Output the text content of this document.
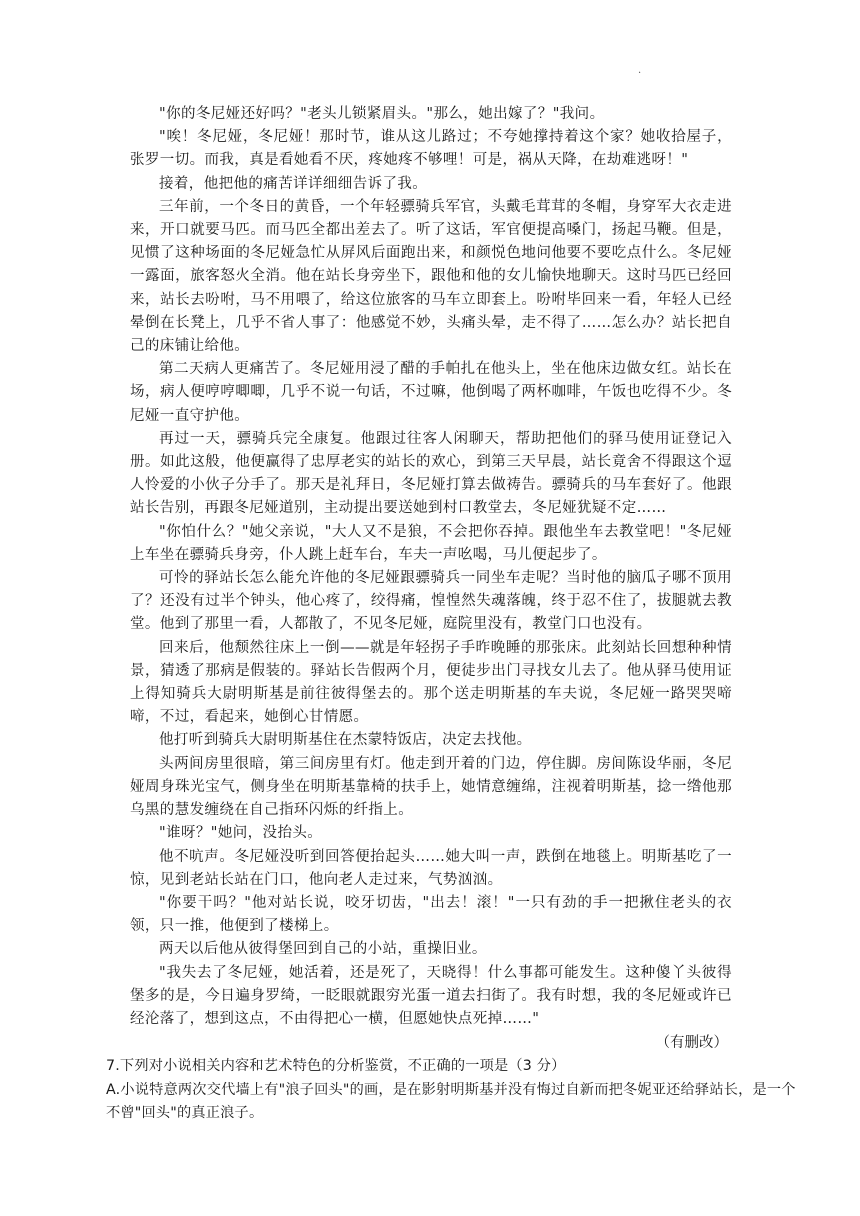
.

"你的冬尼娅还好吗？"老头儿锁紧眉头。"那么，她出嫁了？"我问。

"唉！冬尼娅，冬尼娅！那时节，谁从这儿路过；不夸她撑持着这个家？她收拾屋子，张罗一切。而我，真是看她看不厌，疼她疼不够哩！可是，祸从天降，在劫难逃呀！"

接着，他把他的痛苦详详细细告诉了我。

三年前，一个冬日的黄昏，一个年轻骠骑兵军官，头戴毛茸茸的冬帽，身穿军大衣走进来，开口就要马匹。而马匹全都出差去了。听了这话，军官便提高嗓门，扬起马鞭。但是，见惯了这种场面的冬尼娅急忙从屏风后面跑出来，和颜悦色地问他要不要吃点什么。冬尼娅一露面，旅客怒火全消。他在站长身旁坐下，跟他和他的女儿愉快地聊天。这时马匹已经回来，站长去吩咐，马不用喂了，给这位旅客的马车立即套上。吩咐毕回来一看，年轻人已经晕倒在长凳上，几乎不省人事了：他感觉不妙，头痛头晕，走不得了……怎么办？站长把自己的床铺让给他。

第二天病人更痛苦了。冬尼娅用浸了醋的手帕扎在他头上，坐在他床边做女红。站长在场，病人便哼哼唧唧，几乎不说一句话，不过嘛，他倒喝了两杯咖啡，午饭也吃得不少。冬尼娅一直守护他。

再过一天，骠骑兵完全康复。他跟过往客人闲聊天，帮助把他们的驿马使用证登记入册。如此这般，他便赢得了忠厚老实的站长的欢心，到第三天早晨，站长竟舍不得跟这个逗人怜爱的小伙子分手了。那天是礼拜日，冬尼娅打算去做祷告。骠骑兵的马车套好了。他跟站长告别，再跟冬尼娅道别，主动提出要送她到村口教堂去，冬尼娅犹疑不定……

"你怕什么？"她父亲说，"大人又不是狼，不会把你吞掉。跟他坐车去教堂吧！"冬尼娅上车坐在骠骑兵身旁，仆人跳上赶车台，车夫一声吆喝，马儿便起步了。

可怜的驿站长怎么能允许他的冬尼娅跟骠骑兵一同坐车走呢？当时他的脑瓜子哪不顶用了？还没有过半个钟头，他心疼了，绞得痛，惶惶然失魂落魄，终于忍不住了，拔腿就去教堂。他到了那里一看，人都散了，不见冬尼娅，庭院里没有，教堂门口也没有。

回来后，他颓然往床上一倒——就是年轻拐子手昨晚睡的那张床。此刻站长回想种种情景，猜透了那病是假装的。驿站长告假两个月，便徒步出门寻找女儿去了。他从驿马使用证上得知骑兵大尉明斯基是前往彼得堡去的。那个送走明斯基的车夫说，冬尼娅一路哭哭啼啼，不过，看起来，她倒心甘情愿。

他打听到骑兵大尉明斯基住在杰蒙特饭店，决定去找他。

头两间房里很暗，第三间房里有灯。他走到开着的门边，停住脚。房间陈设华丽，冬尼娅周身珠光宝气，侧身坐在明斯基靠椅的扶手上，她情意缠绵，注视着明斯基，捻一绺他那乌黑的慧发缠绕在自己指环闪烁的纤指上。

"谁呀？"她问，没抬头。

他不吭声。冬尼娅没听到回答便抬起头……她大叫一声，跌倒在地毯上。明斯基吃了一惊，见到老站长站在门口，他向老人走过来，气势汹汹。

"你要干吗？"他对站长说，咬牙切齿，"出去！滚！"一只有劲的手一把揪住老头的衣领，只一推，他便到了楼梯上。

两天以后他从彼得堡回到自己的小站，重操旧业。

"我失去了冬尼娅，她活着，还是死了，天晓得！什么事都可能发生。这种傻丫头彼得堡多的是，今日遍身罗绮，一眨眼就跟穷光蛋一道去扫街了。我有时想，我的冬尼娅或许已经沦落了，想到这点，不由得把心一横，但愿她快点死掉……"

（有删改）

7.下列对小说相关内容和艺术特色的分析鉴赏，不正确的一项是（3 分）

A.小说特意两次交代墙上有"浪子回头"的画，是在影射明斯基并没有悔过自新而把冬妮亚还给驿站长，是一个不曾"回头"的真正浪子。
